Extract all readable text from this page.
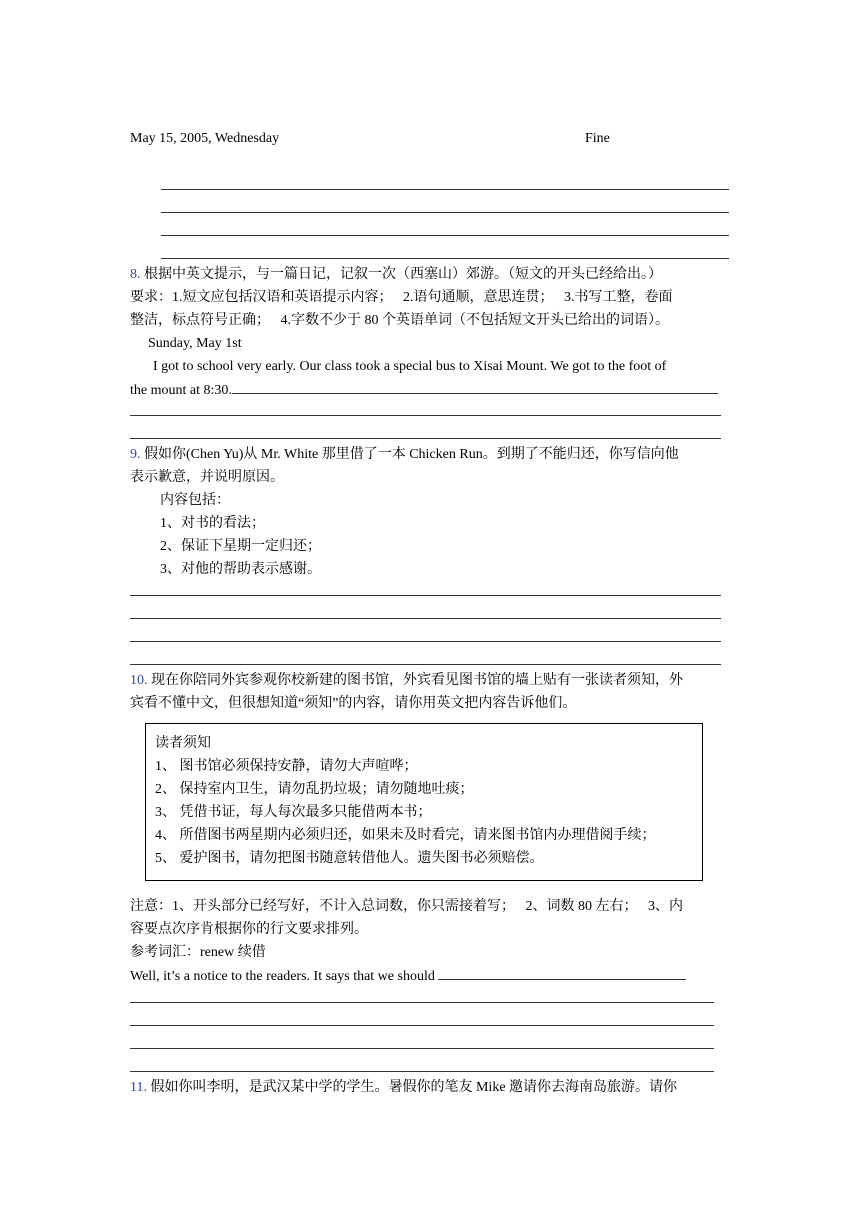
May 15, 2005, Wednesday	Fine
8. 根据中英文提示，与一篇日记，记叙一次（西塞山）郊游。（短文的开头已经给出。）
要求：1.短文应包括汉语和英语提示内容；　 2.语句通顺，意思连贯；　 3.书写工整，卷面
整洁，标点符号正确；　 4.字数不少于 80 个英语单词（不包括短文开头已给出的词语）。
Sunday, May 1st
I got to school very early. Our class took a special bus to Xisai Mount. We got to the foot of
the mount at 8:30.
9. 假如你(Chen Yu)从 Mr. White 那里借了一本 Chicken Run。到期了不能归还，你写信向他
表示歉意，并说明原因。
内容包括：
1、对书的看法；
2、保证下星期一定归还；
3、对他的帮助表示感谢。
10. 现在你陪同外宾参观你校新建的图书馆，外宾看见图书馆的墙上贴有一张读者须知，外
宾看不懂中文，但很想知道“须知”的内容，请你用英文把内容告诉他们。
读者须知
1、 图书馆必须保持安静，请勿大声喧哗；
2、 保持室内卫生，请勿乱扔垃圾；请勿随地吐痰；
3、 凭借书证，每人每次最多只能借两本书；
4、 所借图书两星期内必须归还，如果未及时看完，请来图书馆内办理借阅手续；
5、 爱护图书，请勿把图书随意转借他人。遗失图书必须赔偿。
注意：1、开头部分已经写好，不计入总词数，你只需接着写；　 2、词数 80 左右；　 3、内
容要点次序肯根据你的行文要求排列。
参考词汇：renew 续借
Well, it’s a notice to the readers. It says that we should
11. 假如你叫李明，是武汉某中学的学生。暑假你的笔友 Mike 邀请你去海南岛旅游。请你
